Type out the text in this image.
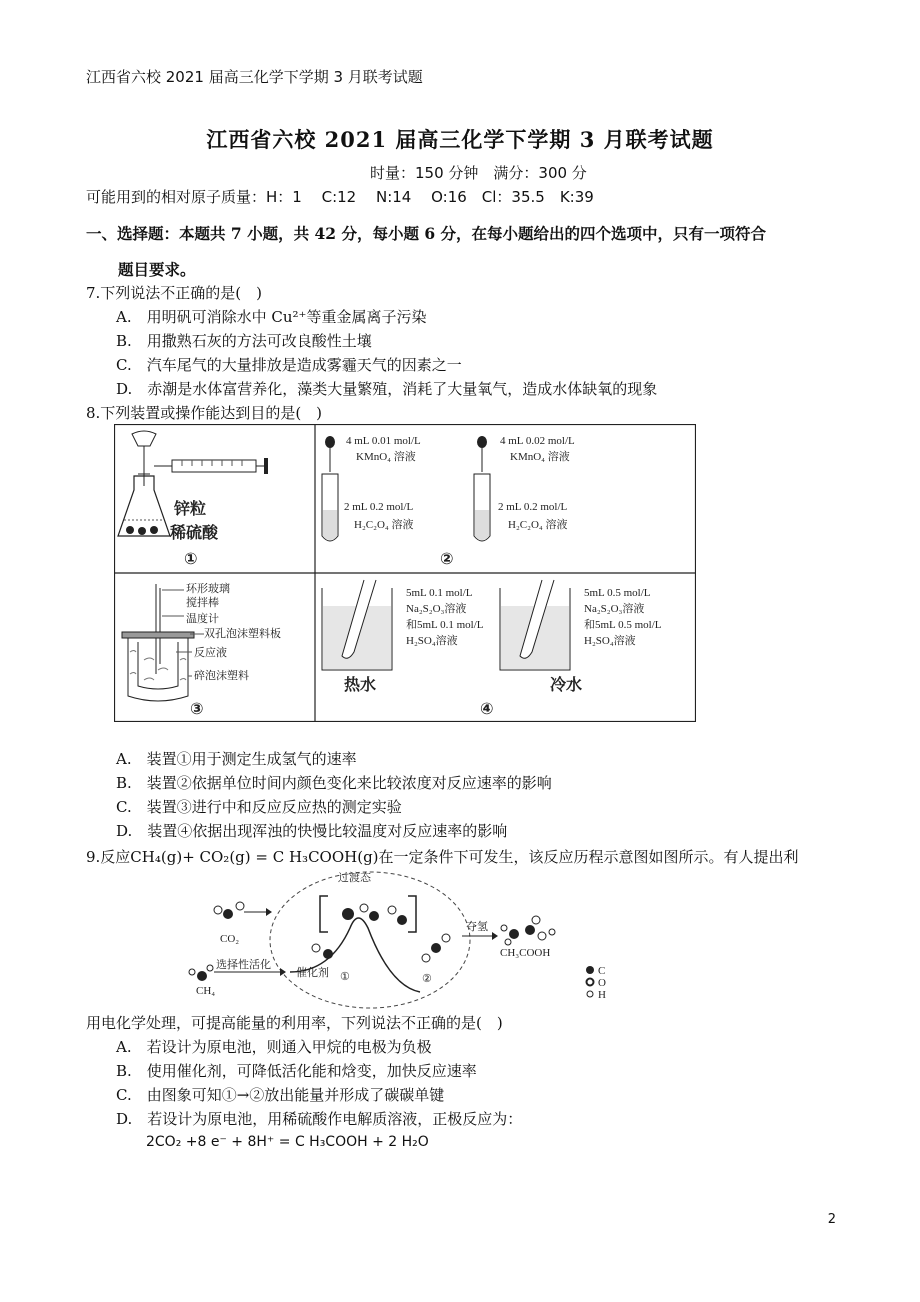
江西省六校 2021 届高三化学下学期 3 月联考试题
江西省六校 2021 届高三化学下学期 3 月联考试题
时量：150 分钟　满分：300 分
可能用到的相对原子质量：H：1　 C:12　 N:14　 O:16　Cl：35.5　K:39
一、选择题：本题共 7 小题，共 42 分，每小题 6 分，在每小题给出的四个选项中，只有一项符合
题目要求。
7.下列说法不正确的是(　)
A.　用明矾可消除水中 Cu²⁺等重金属离子污染
B.　用撒熟石灰的方法可改良酸性土壤
C.　汽车尾气的大量排放是造成雾霾天气的因素之一
D.　赤潮是水体富营养化，藻类大量繁殖，消耗了大量氧气，造成水体缺氧的现象
8.下列装置或操作能达到目的是(　)
锌粒
稀硫酸
①
4 mL 0.01 mol/L
KMnO₄ 溶液
2 mL 0.2 mol/L
H₂C₂O₄ 溶液
4 mL 0.02 mol/L
KMnO₄ 溶液
2 mL 0.2 mol/L
H₂C₂O₄ 溶液
②
环形玻璃
搅拌棒
温度计
双孔泡沫塑料板
反应液
碎泡沫塑料
③
5mL 0.1 mol/L
Na₂S₂O₃溶液
和5mL 0.1 mol/L
H₂SO₄溶液
5mL 0.5 mol/L
Na₂S₂O₃溶液
和5mL 0.5 mol/L
H₂SO₄溶液
热水	冷水
④
A.　装置①用于测定生成氢气的速率
B.　装置②依据单位时间内颜色变化来比较浓度对反应速率的影响
C.　装置③进行中和反应反应热的测定实验
D.　装置④依据出现浑浊的快慢比较温度对反应速率的影响
9.反应CH₄(g)+ CO₂(g) = C H₃COOH(g)在一定条件下可发生，该反应历程示意图如图所示。有人提出利
过渡态
CO₂
选择性活化
CH₄
催化剂 ①	②
夺氢
CH₃COOH
C
O
H
用电化学处理，可提高能量的利用率，下列说法不正确的是(　)
A.　若设计为原电池，则通入甲烷的电极为负极
B.　使用催化剂，可降低活化能和焓变，加快反应速率
C.　由图象可知①→②放出能量并形成了碳碳单键
D.　若设计为原电池，用稀硫酸作电解质溶液，正极反应为：
2CO₂ +8 e⁻ + 8H⁺ = C H₃COOH + 2 H₂O
2
